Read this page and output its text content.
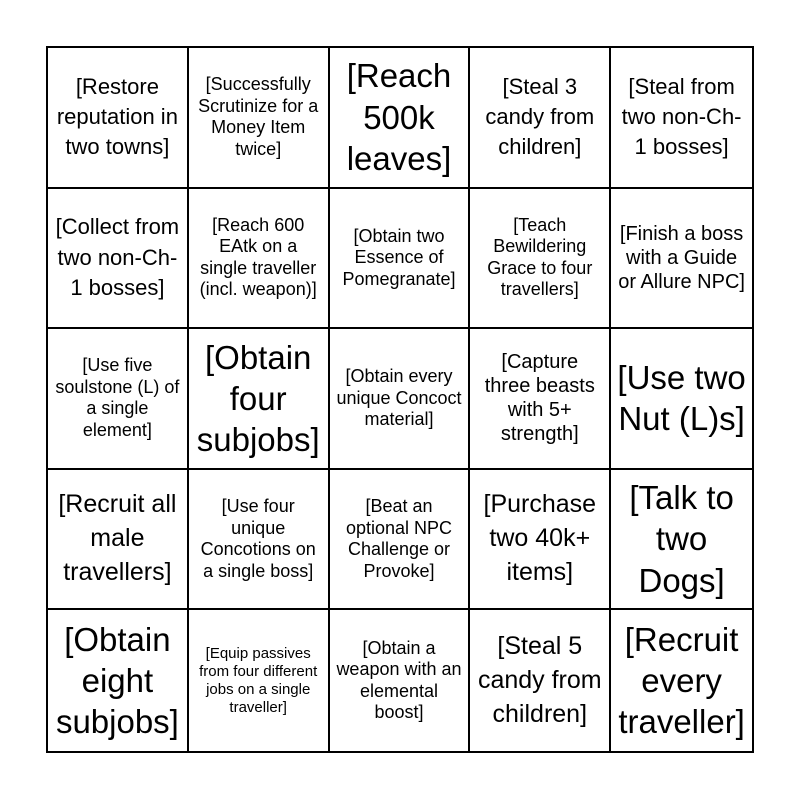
[Restore reputation in two towns]
[Successfully Scrutinize for a Money Item twice]
[Reach 500k leaves]
[Steal 3 candy from children]
[Steal from two non-Ch-1 bosses]
[Collect from two non-Ch-1 bosses]
[Reach 600 EAtk on a single traveller (incl. weapon)]
[Obtain two Essence of Pomegranate]
[Teach Bewildering Grace to four travellers]
[Finish a boss with a Guide or Allure NPC]
[Use five soulstone (L) of a single element]
[Obtain four subjobs]
[Obtain every unique Concoct material]
[Capture three beasts with 5+ strength]
[Use two Nut (L)s]
[Recruit all male travellers]
[Use four unique Concotions on a single boss]
[Beat an optional NPC Challenge or Provoke]
[Purchase two 40k+ items]
[Talk to two Dogs]
[Obtain eight subjobs]
[Equip passives from four different jobs on a single traveller]
[Obtain a weapon with an elemental boost]
[Steal 5 candy from children]
[Recruit every traveller]
